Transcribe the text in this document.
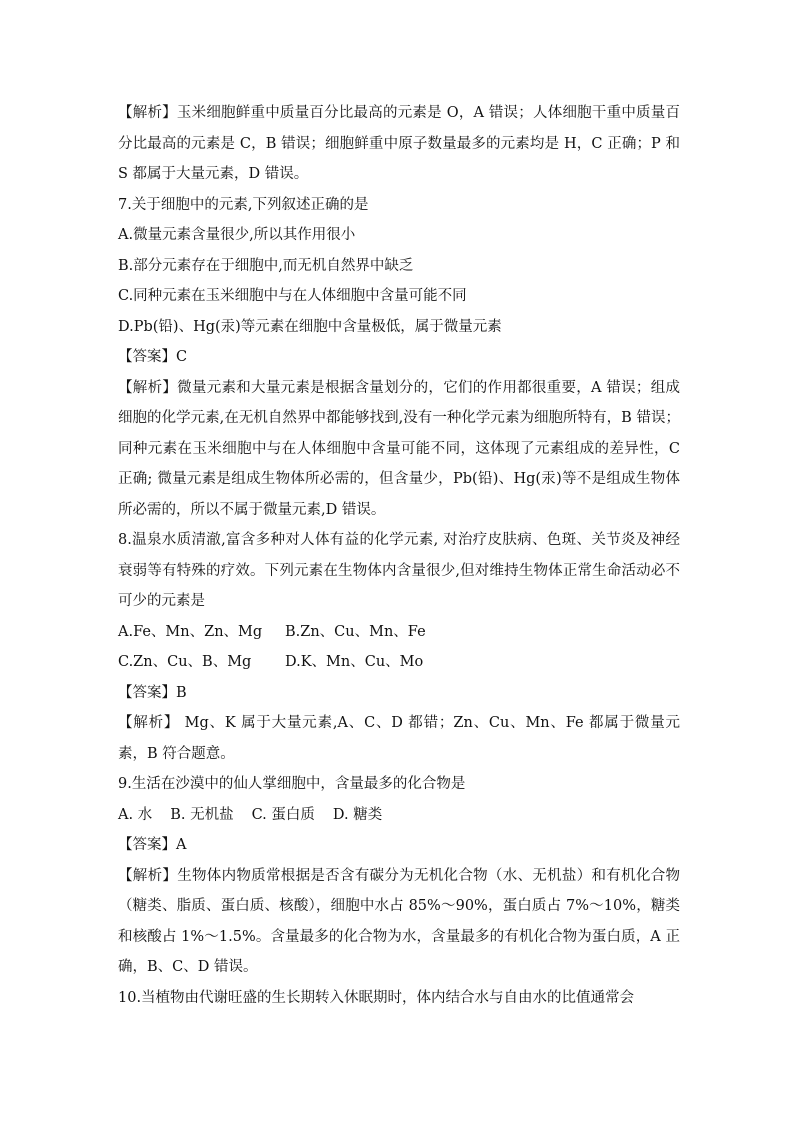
【解析】玉米细胞鲜重中质量百分比最高的元素是 O，A 错误；人体细胞干重中质量百分比最高的元素是 C，B 错误；细胞鲜重中原子数量最多的元素均是 H，C 正确；P 和 S 都属于大量元素，D 错误。

7.关于细胞中的元素,下列叙述正确的是

A.微量元素含量很少,所以其作用很小

B.部分元素存在于细胞中,而无机自然界中缺乏

C.同种元素在玉米细胞中与在人体细胞中含量可能不同

D.Pb(铅)、Hg(汞)等元素在细胞中含量极低，属于微量元素

【答案】C

【解析】微量元素和大量元素是根据含量划分的，它们的作用都很重要，A 错误；组成细胞的化学元素,在无机自然界中都能够找到,没有一种化学元素为细胞所特有，B 错误；同种元素在玉米细胞中与在人体细胞中含量可能不同，这体现了元素组成的差异性，C 正确; 微量元素是组成生物体所必需的，但含量少，Pb(铅)、Hg(汞)等不是组成生物体所必需的，所以不属于微量元素,D 错误。

8.温泉水质清澈,富含多种对人体有益的化学元素, 对治疗皮肤病、色斑、关节炎及神经衰弱等有特殊的疗效。下列元素在生物体内含量很少,但对维持生物体正常生命活动必不可少的元素是

A.Fe、Mn、Zn、Mg	B.Zn、Cu、Mn、Fe
C.Zn、Cu、B、Mg	D.K、Mn、Cu、Mo

【答案】B

【解析】 Mg、K 属于大量元素,A、C、D 都错；Zn、Cu、Mn、Fe 都属于微量元素，B 符合题意。

9.生活在沙漠中的仙人掌细胞中，含量最多的化合物是

A. 水 B. 无机盐 C. 蛋白质 D. 糖类

【答案】A

【解析】生物体内物质常根据是否含有碳分为无机化合物（水、无机盐）和有机化合物（糖类、脂质、蛋白质、核酸），细胞中水占 85%～90%，蛋白质占 7%～10%，糖类和核酸占 1%～1.5%。含量最多的化合物为水，含量最多的有机化合物为蛋白质，A 正确，B、C、D 错误。

10.当植物由代谢旺盛的生长期转入休眠期时，体内结合水与自由水的比值通常会
